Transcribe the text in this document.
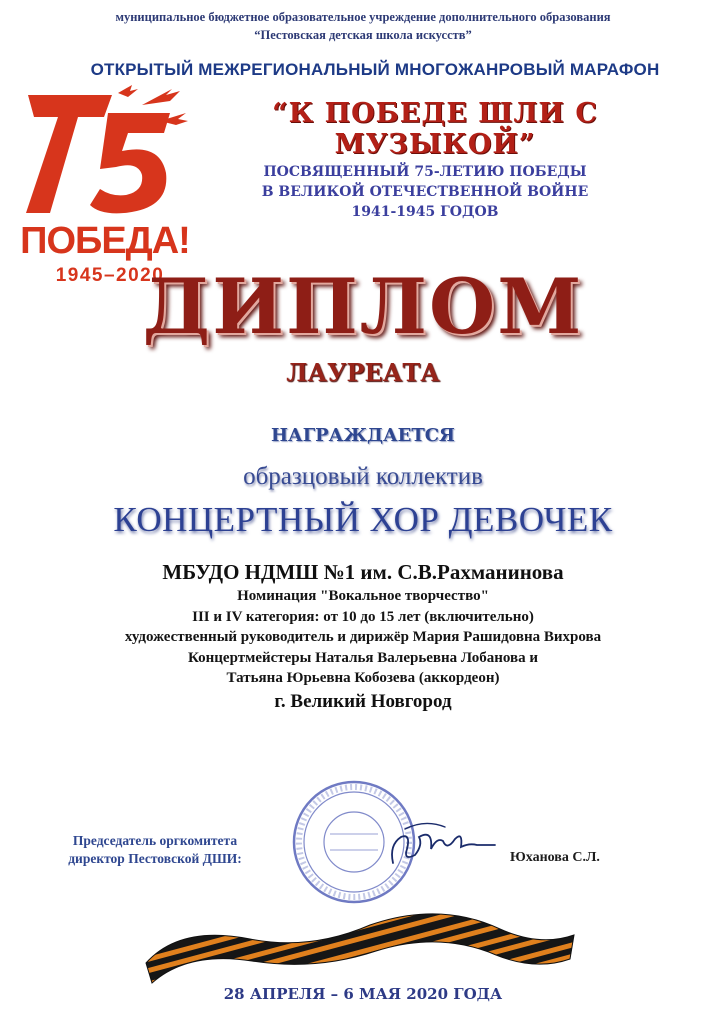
муниципальное бюджетное образовательное учреждение дополнительного образования
“Пестовская детская школа искусств”
ОТКРЫТЫЙ МЕЖРЕГИОНАЛЬНЫЙ МНОГОЖАНРОВЫЙ МАРАФОН
“К ПОБЕДЕ ШЛИ С МУЗЫКОЙ”
ПОСВЯЩЕННЫЙ 75-ЛЕТИЮ ПОБЕДЫ
В ВЕЛИКОЙ ОТЕЧЕСТВЕННОЙ ВОЙНЕ
1941-1945 ГОДОВ
ПОБЕДА!
1945–2020
ДИПЛОМ
ЛАУРЕАТА
НАГРАЖДАЕТСЯ
образцовый коллектив
КОНЦЕРТНЫЙ ХОР ДЕВОЧЕК
МБУДО НДМШ №1 им. С.В.Рахманинова
Номинация "Вокальное творчество"
III и IV категория: от 10 до 15 лет (включительно)
художественный руководитель и дирижёр Мария Рашидовна Вихрова
Концертмейстеры Наталья Валерьевна Лобанова и
Татьяна Юрьевна Кобозева (аккордеон)
г. Великий Новгород
Председатель оргкомитета
директор Пестовской ДШИ:	Юханова С.Л.
28 АПРЕЛЯ – 6 МАЯ 2020 ГОДА
